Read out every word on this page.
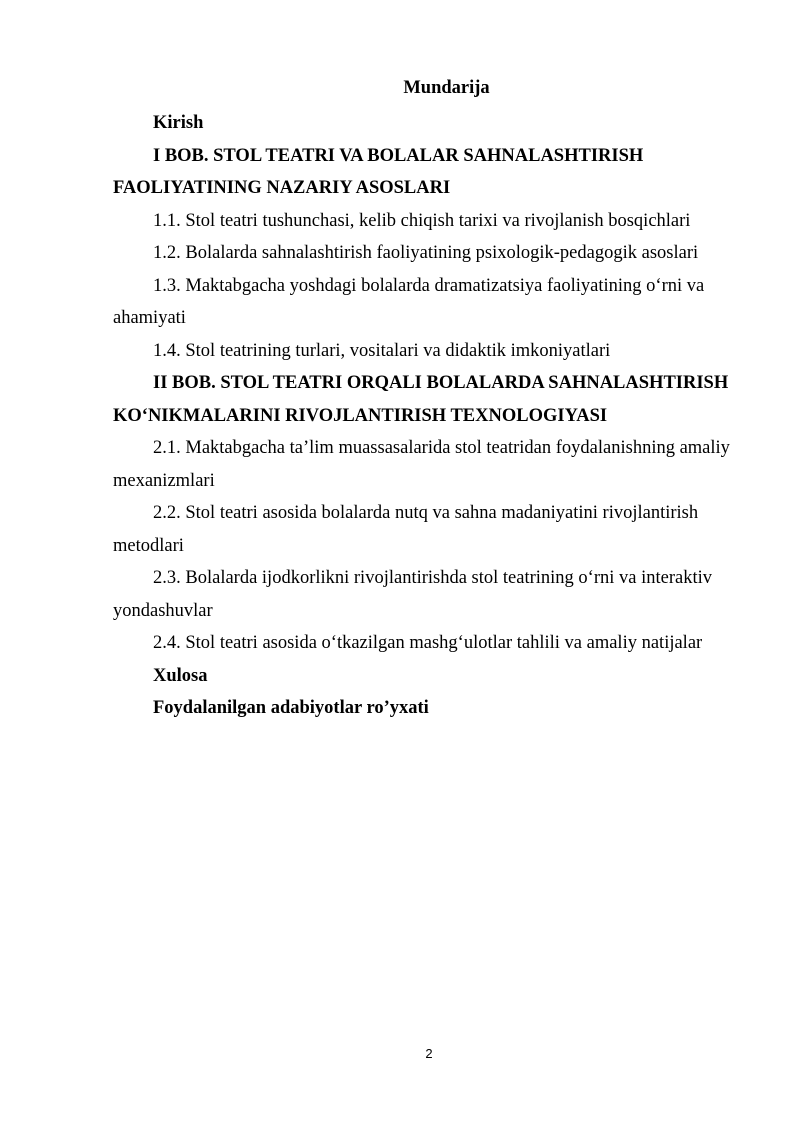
Mundarija

Kirish

I BOB. STOL TEATRI VA BOLALAR SAHNALASHTIRISH FAOLIYATINING NAZARIY ASOSLARI

1.1. Stol teatri tushunchasi, kelib chiqish tarixi va rivojlanish bosqichlari

1.2. Bolalarda sahnalashtirish faoliyatining psixologik-pedagogik asoslari

1.3. Maktabgacha yoshdagi bolalarda dramatizatsiya faoliyatining oʻrni va ahamiyati

1.4. Stol teatrining turlari, vositalari va didaktik imkoniyatlari

II BOB. STOL TEATRI ORQALI BOLALARDA SAHNALASHTIRISH KOʻNIKMALARINI RIVOJLANTIRISH TEXNOLOGIYASI

2.1. Maktabgacha ta’lim muassasalarida stol teatridan foydalanishning amaliy mexanizmlari

2.2. Stol teatri asosida bolalarda nutq va sahna madaniyatini rivojlantirish metodlari

2.3. Bolalarda ijodkorlikni rivojlantirishda stol teatrining oʻrni va interaktiv yondashuvlar

2.4. Stol teatri asosida oʻtkazilgan mashgʻulotlar tahlili va amaliy natijalar

Xulosa

Foydalanilgan adabiyotlar ro’yxati

2
